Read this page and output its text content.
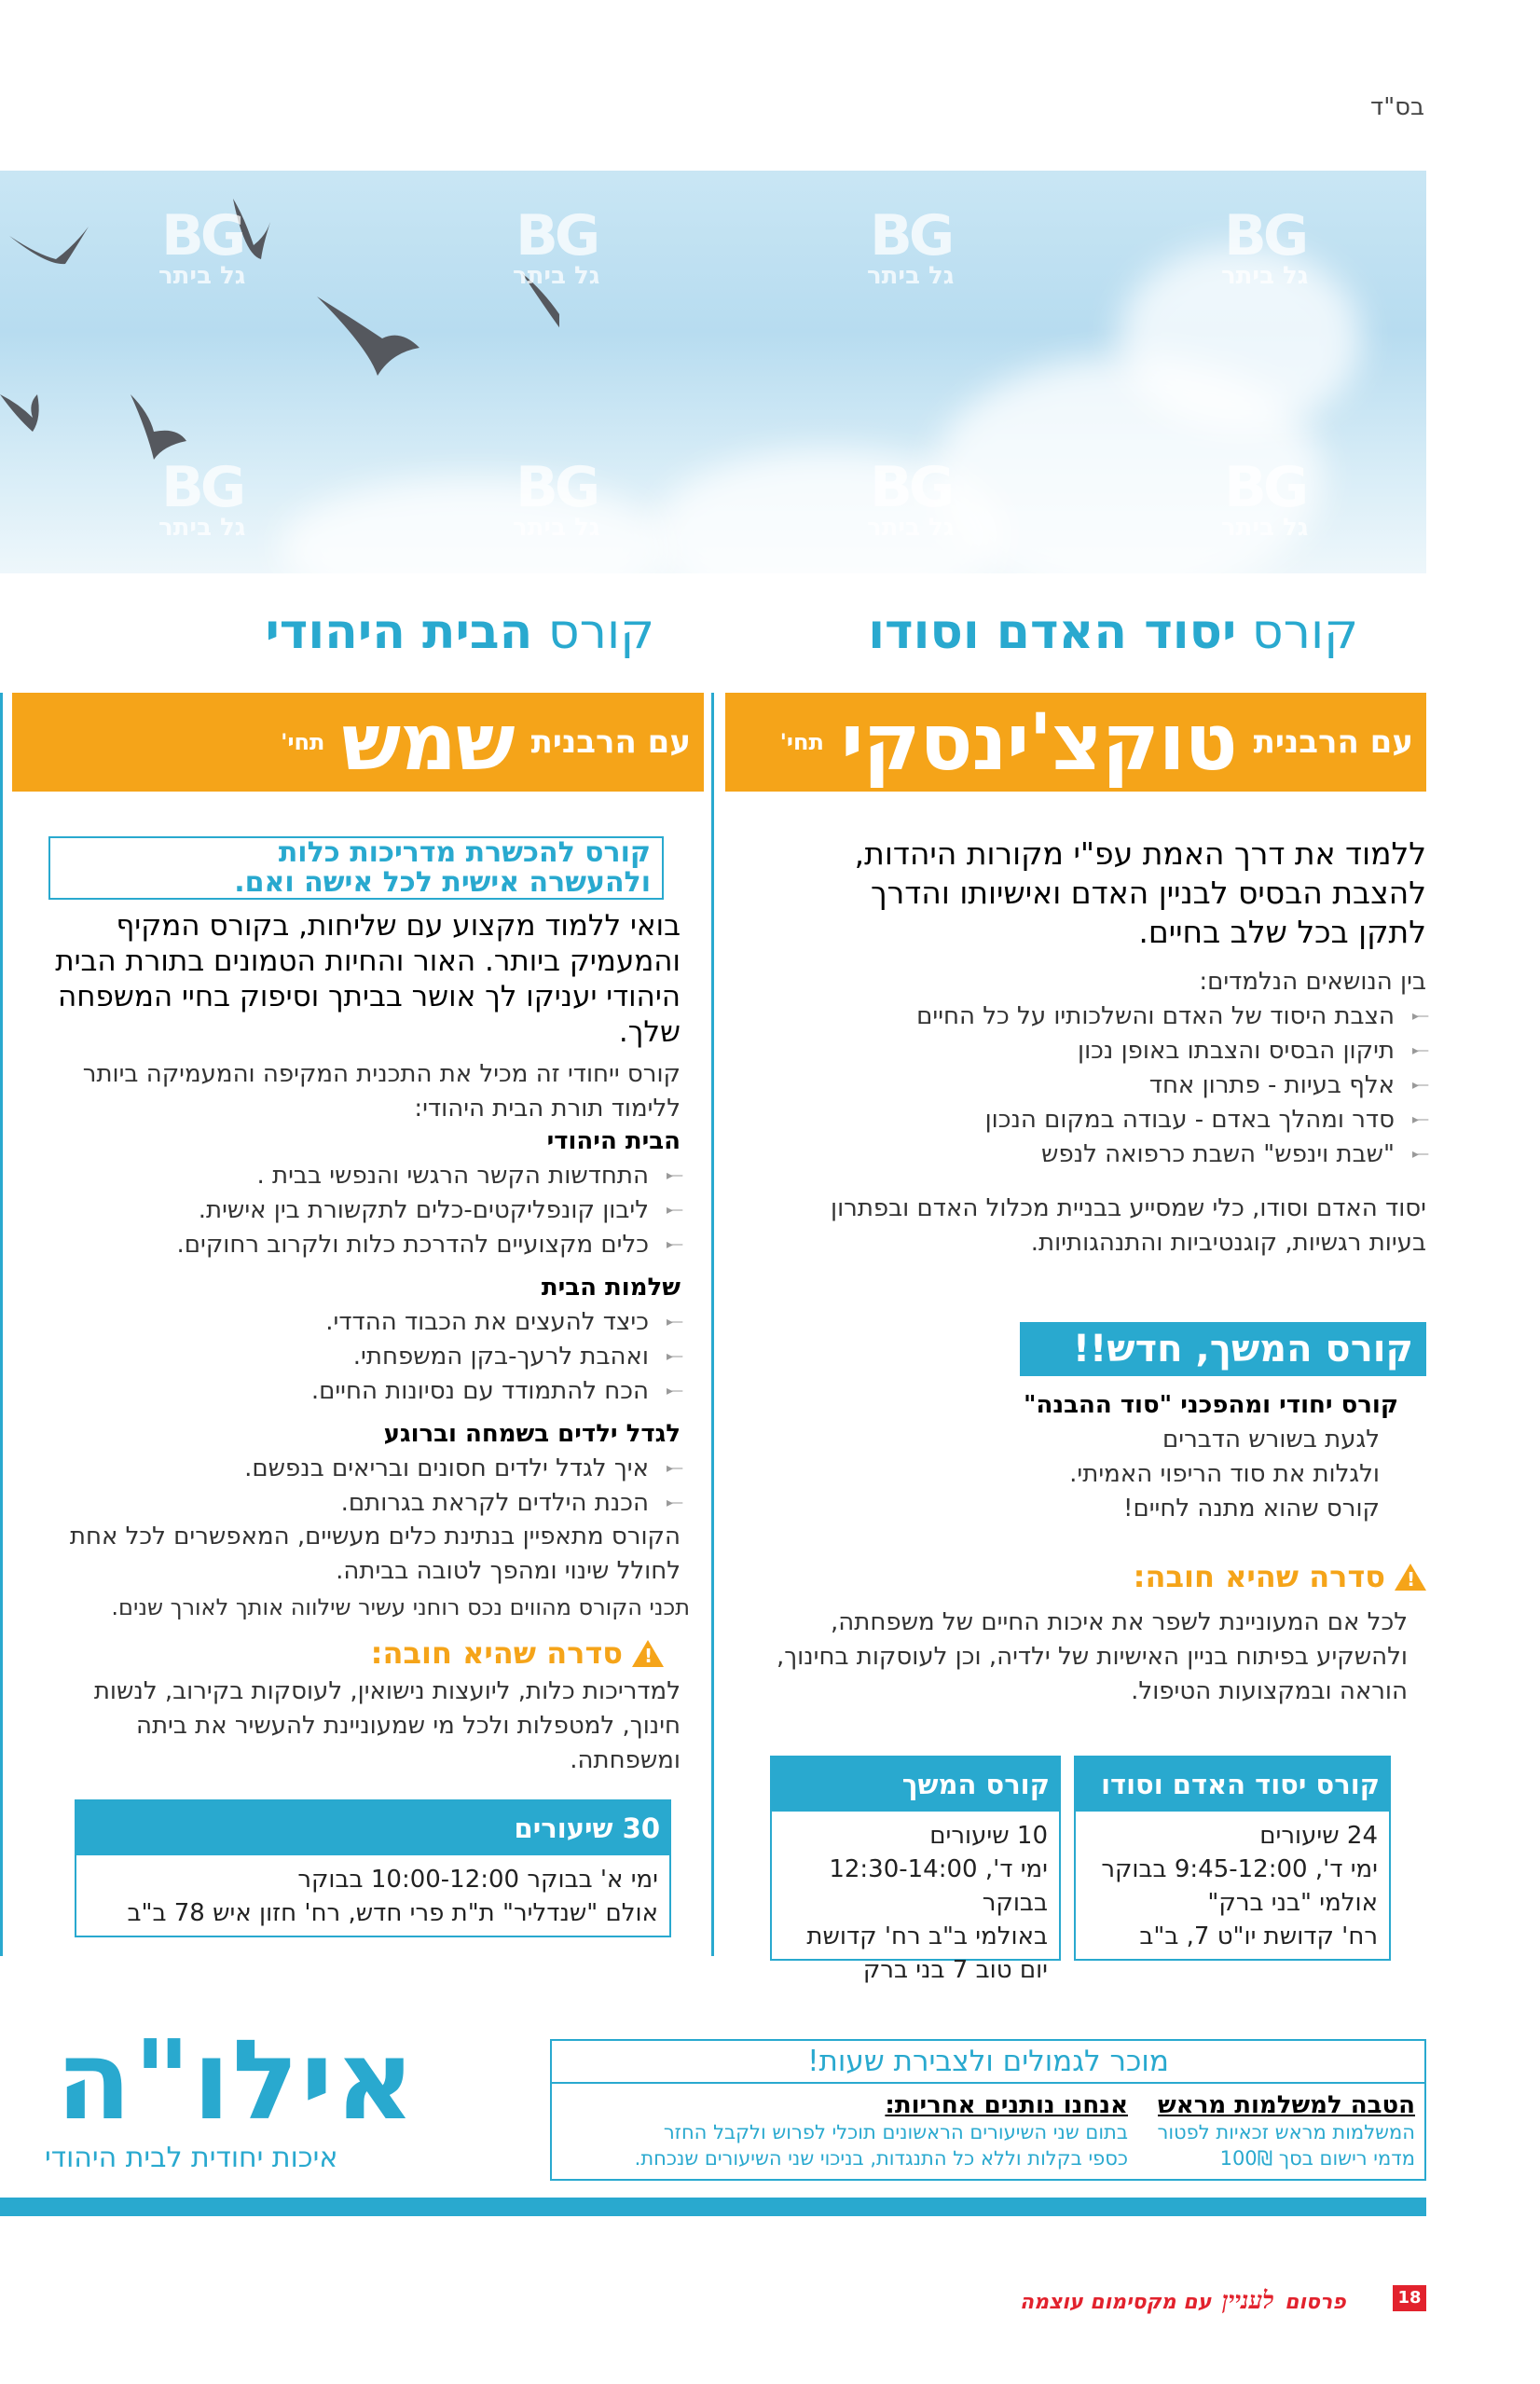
בס"ד
BG
גל ביתר
BG
גל ביתר
BG
גל ביתר
BG
גל ביתר
BG
גל ביתר
BG
גל ביתר
BG
גל ביתר
BG
גל ביתר
קורס יסוד האדם וסודו
קורס הבית היהודי
עם הרבנית
טוקצ'ינסקי
תחי'
עם הרבנית
שמש
תחי'
ללמוד את דרך האמת עפ"י מקורות היהדות, להצבת הבסיס לבניין האדם ואישיותו והדרך לתקן בכל שלב בחיים.
בין הנושאים הנלמדים:
—▸ הצבת היסוד של האדם והשלכותיו על כל החיים
—▸ תיקון הבסיס והצבתו באופן נכון
—▸ אלף בעיות - פתרון אחד
—▸ סדר ומהלך באדם - עבודה במקום הנכון
—▸ "שבת וינפש" השבת כרפואה לנפש
יסוד האדם וסודו, כלי שמסייע בבניית מכלול האדם ובפתרון בעיות רגשיות, קוגנטיביות והתנהגותיות.
קורס המשך, חדש!!
קורס יחודי ומהפכני "סוד ההבנה"
לגעת בשורש הדברים
ולגלות את סוד הריפוי האמיתי.
קורס שהוא מתנה לחיים!
!
סדרה שהיא חובה:
לכל אם המעוניינת לשפר את איכות החיים של משפחתה, ולהשקיע בפיתוח בניין האישיות של ילדיה, וכן לעוסקות בחינוך, הוראה ובמקצועות הטיפול.
קורס יסוד האדם וסודו
24 שיעורים
ימי ד', 9:45-12:00 בבוקר
אולמי "בני ברק"
רח' קדושת יו"ט 7, ב"ב
קורס המשך
10 שיעורים
ימי ד', 12:30-14:00 בבוקר
באולמי ב"ב רח' קדושת
יום טוב 7 בני ברק
קורס להכשרת מדריכות כלות
ולהעשרה אישית לכל אישה ואם.
בואי ללמוד מקצוע עם שליחות, בקורס המקיף והמעמיק ביותר. האור והחיות הטמונים בתורת הבית היהודי יעניקו לך אושר בביתך וסיפוק בחיי המשפחה שלך.
קורס ייחודי זה מכיל את התכנית המקיפה והמעמיקה ביותר ללימוד תורת הבית היהודי:
הבית היהודי
—▸ התחדשות הקשר הרגשי והנפשי בבית .
—▸ ליבון קונפליקטים-כלים לתקשורת בין אישית.
—▸ כלים מקצועיים להדרכת כלות ולקרוב רחוקים.
שלמות הבית
—▸ כיצד להעצים את הכבוד ההדדי.
—▸ ואהבת לרעך-בקן המשפחתי.
—▸ הכח להתמודד עם נסיונות החיים.
לגדל ילדים בשמחה וברוגע
—▸ איך לגדל ילדים חסונים ובריאים בנפשם.
—▸ הכנת הילדים לקראת בגרותם.
הקורס מתאפיין בנתינת כלים מעשיים, המאפשרים לכל אחת לחולל שינוי ומהפך לטובה בביתה.
תכני הקורס מהווים נכס רוחני עשיר שילווה אותך לאורך שנים.
!
סדרה שהיא חובה:
למדריכות כלות, ליועצות נישואין, לעוסקות בקירוב, לנשות חינוך, למטפלות ולכל מי שמעוניינת להעשיר את ביתה ומשפחתה.
30 שיעורים
ימי א' בבוקר 10:00-12:00 בבוקר
אולם "שנדליר" ת"ת פרי חדש, רח' חזון איש 78 ב"ב
מוכר לגמולים ולצבירת שעות!
הטבה למשלמות מראש
המשלמות מראש זכאיות לפטור
מדמי רישום בסך 100₪
אנחנו נותנים אחריות:
בתום שני השיעורים הראשונים תוכלי לפרוש ולקבל החזר
כספי בקלות וללא כל התנגדות, בניכוי שני השיעורים שנכחת.
אילו"ה
איכות יחודית לבית היהודי
פרסום לעניין עם מקסימום עוצמה	18
